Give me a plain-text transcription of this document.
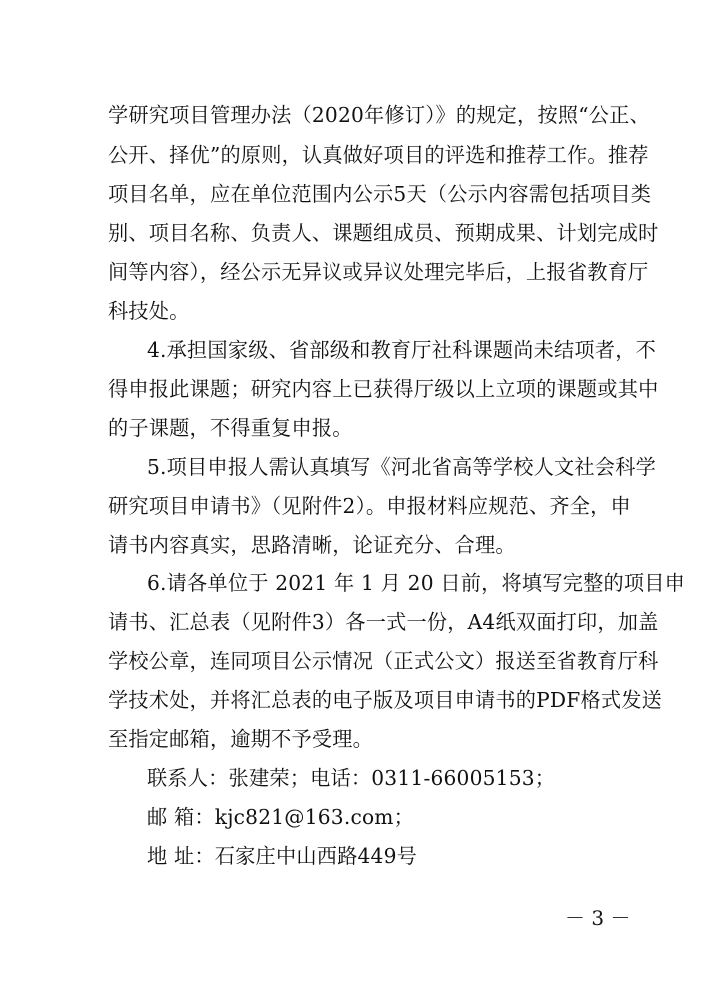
学研究项目管理办法（2020年修订）》的规定，按照“公正、
公开、择优”的原则，认真做好项目的评选和推荐工作。推荐
项目名单，应在单位范围内公示5天（公示内容需包括项目类
别、项目名称、负责人、课题组成员、预期成果、计划完成时
间等内容），经公示无异议或异议处理完毕后，上报省教育厅
科技处。
4.承担国家级、省部级和教育厅社科课题尚未结项者，不
得申报此课题；研究内容上已获得厅级以上立项的课题或其中
的子课题，不得重复申报。
5.项目申报人需认真填写《河北省高等学校人文社会科学
研究项目申请书》（见附件2）。申报材料应规范、齐全，申
请书内容真实，思路清晰，论证充分、合理。
6.请各单位于 2021 年 1 月 20 日前，将填写完整的项目申
请书、汇总表（见附件3）各一式一份，A4纸双面打印，加盖
学校公章，连同项目公示情况（正式公文）报送至省教育厅科
学技术处，并将汇总表的电子版及项目申请书的PDF格式发送
至指定邮箱，逾期不予受理。
联系人：张建荣；电话：0311-66005153；
邮 箱：kjc821@163.com；
地 址：石家庄中山西路449号
－ 3 －
